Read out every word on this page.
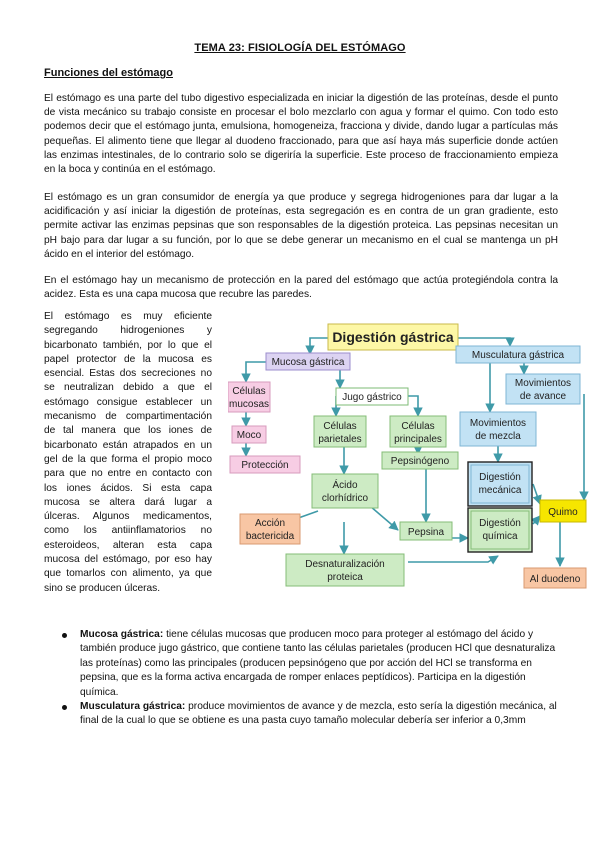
TEMA 23: FISIOLOGÍA DEL ESTÓMAGO
Funciones del estómago

El estómago es una parte del tubo digestivo especializada en iniciar la digestión de las proteínas, desde el punto de vista mecánico su trabajo consiste en procesar el bolo mezclarlo con agua y formar el quimo. Con todo esto podemos decir que el estómago junta, emulsiona, homogeneiza, fracciona y divide, dando lugar a partículas más pequeñas. El alimento tiene que llegar al duodeno fraccionado, para que así haya más superficie donde actúen las enzimas intestinales, de lo contrario solo se digeriría la superficie. Este proceso de fraccionamiento empieza en la boca y continúa en el estómago.

El estómago es un gran consumidor de energía ya que produce y segrega hidrogeniones para dar lugar a la acidificación y así iniciar la digestión de proteínas, esta segregación es en contra de un gran gradiente, esto permite activar las enzimas pepsinas que son responsables de la digestión proteica. Las pepsinas necesitan un pH bajo para dar lugar a su función, por lo que se debe generar un mecanismo en el cual se mantenga un pH ácido en el interior del estómago.

En el estómago hay un mecanismo de protección en la pared del estómago que actúa protegiéndola contra la acidez. Esta es una capa mucosa que recubre las paredes.

El estómago es muy eficiente segregando hidrogeniones y bicarbonato también, por lo que el papel protector de la mucosa es esencial. Estas dos secreciones no se neutralizan debido a que el estómago consigue establecer un mecanismo de compartimentación de tal manera que los iones de bicarbonato están atrapados en un gel de la que forma el propio moco para que no entre en contacto con los iones ácidos. Si esta capa mucosa se altera dará lugar a úlceras. Algunos medicamentos, como los antiinflamatorios no esteroideos, alteran esta capa mucosa del estómago, por eso hay que tomarlos con alimento, ya que sino se producen úlceras.

Digestión gástrica
Mucosa gástrica
Musculatura gástrica
Células
mucosas
Jugo gástrico
Movimientos
de avance
Células
parietales
Células
principales
Movimientos
de mezcla
Moco
Pepsinógeno
Protección
Ácido
clorhídrico
Digestión
mecánica
Quimo
Acción
bactericida	Pepsina
Digestión
química
Desnaturalización
proteica	Al duodeno
Mucosa gástrica: tiene células mucosas que producen moco para proteger al estómago del ácido y también produce jugo gástrico, que contiene tanto las células parietales (producen HCl que desnaturaliza las proteínas) como las principales (producen pepsinógeno que por acción del HCl se transforma en pepsina, que es la forma activa encargada de romper enlaces peptídicos). Participa en la digestión química.
Musculatura gástrica: produce movimientos de avance y de mezcla, esto sería la digestión mecánica, al final de la cual lo que se obtiene es una pasta cuyo tamaño molecular debería ser inferior a 0,3mm
